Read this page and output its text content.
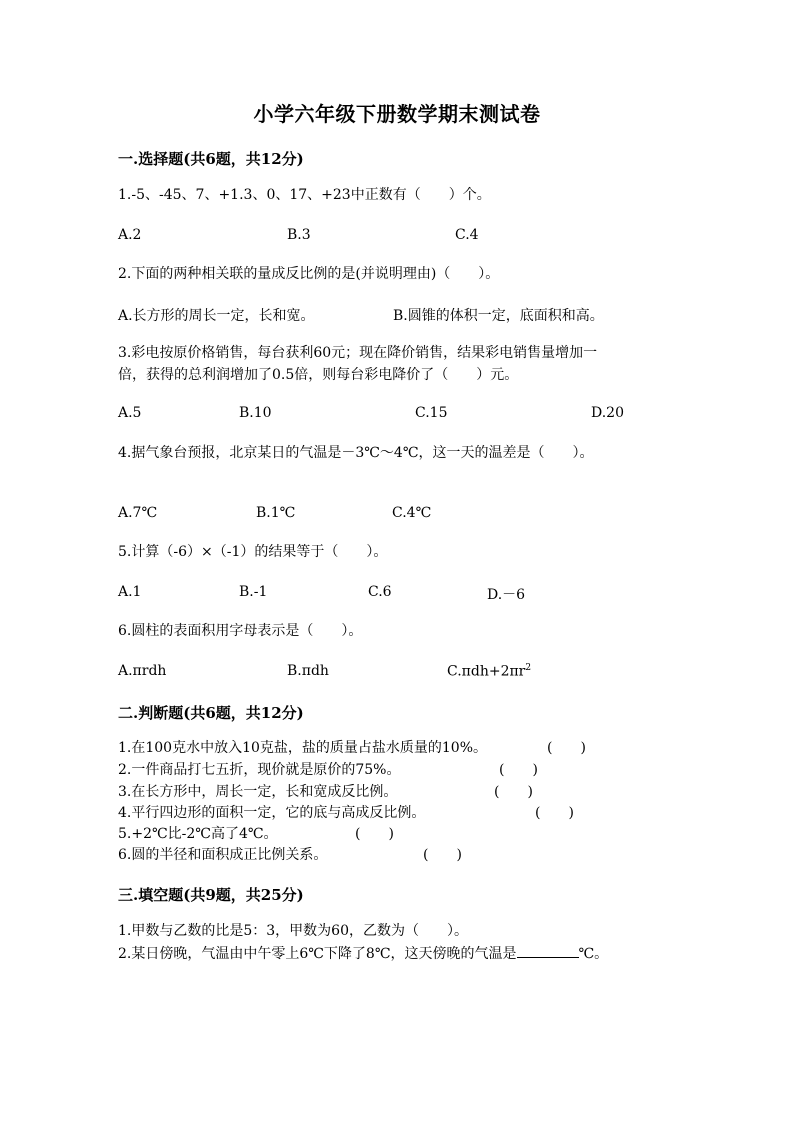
小学六年级下册数学期末测试卷
一.选择题(共6题，共12分)
1.-5、-45、7、+1.3、0、17、+23中正数有（　　）个。
A.2	B.3	C.4
2.下面的两种相关联的量成反比例的是(并说明理由)（　　）。
A.长方形的周长一定，长和宽。	B.圆锥的体积一定，底面积和高。
3.彩电按原价格销售，每台获利60元；现在降价销售，结果彩电销售量增加一
倍，获得的总利润增加了0.5倍，则每台彩电降价了（　　）元。
A.5	B.10	C.15	D.20
4.据气象台预报，北京某日的气温是－3℃～4℃，这一天的温差是（　　）。
A.7℃	B.1℃	C.4℃
5.计算（-6）×（-1）的结果等于（　　）。
A.1	B.-1	C.6	D.－6
6.圆柱的表面积用字母表示是（　　）。
A.πrdh	B.πdh	$C.\pi dh+2\pi r^2$
二.判断题(共6题，共12分)
1.在100克水中放入10克盐，盐的质量占盐水质量的10%。	(　　)
2.一件商品打七五折，现价就是原价的75%。	(　　)
3.在长方形中，周长一定，长和宽成反比例。	(　　)
4.平行四边形的面积一定，它的底与高成反比例。	(　　)
5.+2℃比-2℃高了4℃。	(　　)
6.圆的半径和面积成正比例关系。	(　　)
三.填空题(共9题，共25分)
1.甲数与乙数的比是5：3，甲数为60，乙数为（　　）。
2.某日傍晚，气温由中午零上6℃下降了8℃，这天傍晚的气温是	℃。
